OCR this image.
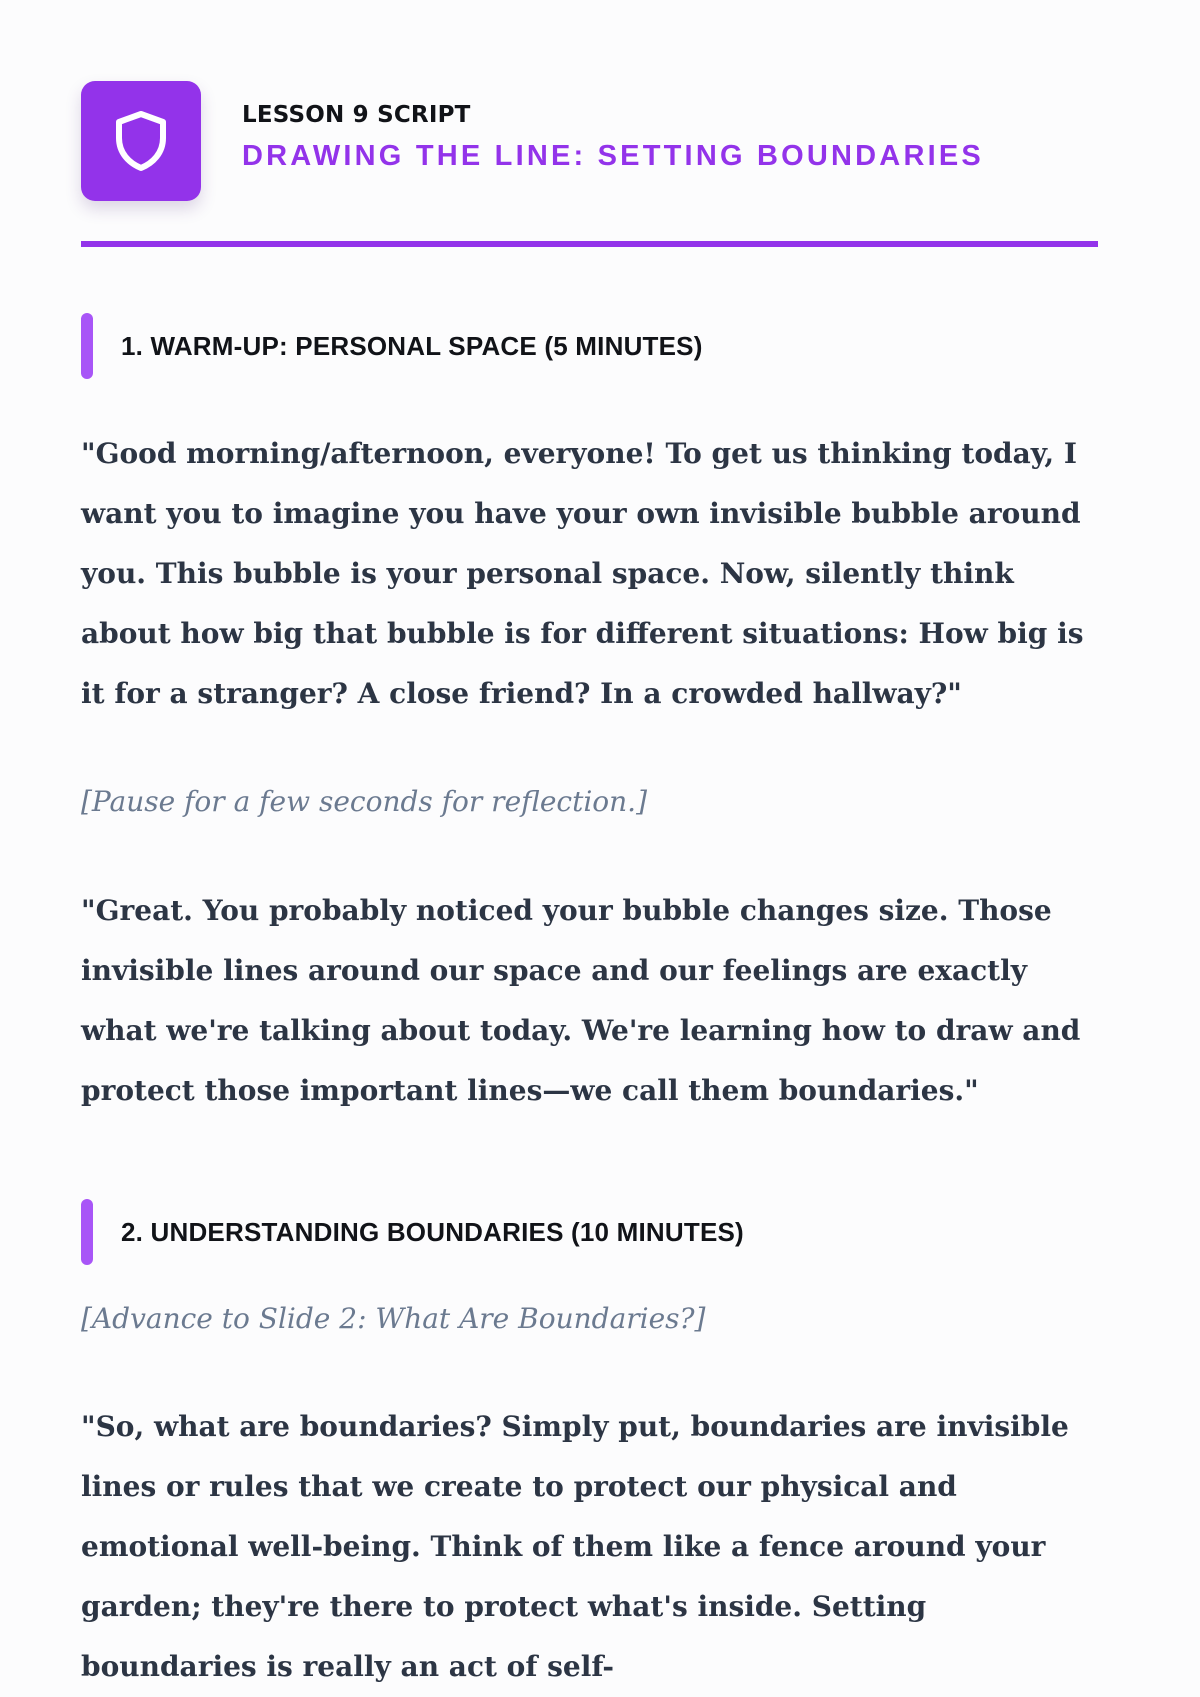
LESSON 9 SCRIPT
DRAWING THE LINE: SETTING BOUNDARIES
1. WARM-UP: PERSONAL SPACE (5 MINUTES)

"Good morning/afternoon, everyone! To get us thinking today, I want you to imagine you have your own invisible bubble around you. This bubble is your personal space. Now, silently think about how big that bubble is for different situations: How big is it for a stranger? A close friend? In a crowded hallway?"

[Pause for a few seconds for reflection.]

"Great. You probably noticed your bubble changes size. Those invisible lines around our space and our feelings are exactly what we're talking about today. We're learning how to draw and protect those important lines—we call them boundaries."

2. UNDERSTANDING BOUNDARIES (10 MINUTES)

[Advance to Slide 2: What Are Boundaries?]

"So, what are boundaries? Simply put, boundaries are invisible lines or rules that we create to protect our physical and emotional well-being. Think of them like a fence around your garden; they're there to protect what's inside. Setting boundaries is really an act of self-
